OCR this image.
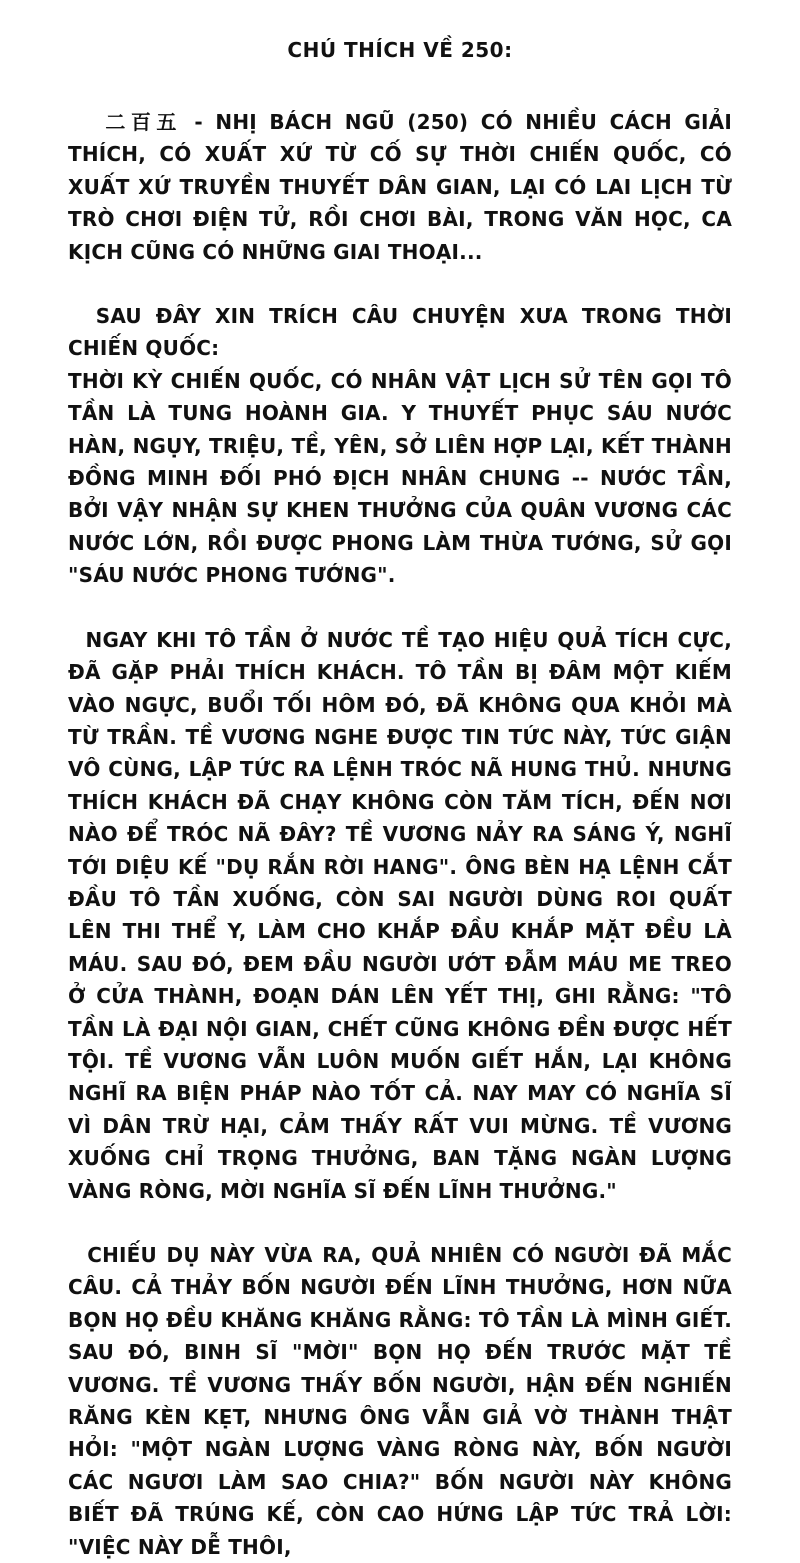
CHÚ THÍCH VỀ 250:

二百五 - NHỊ BÁCH NGŨ (250) CÓ NHIỀU CÁCH GIẢI THÍCH, CÓ XUẤT XỨ TỪ CỐ SỰ THỜI CHIẾN QUỐC, CÓ XUẤT XỨ TRUYỀN THUYẾT DÂN GIAN, LẠI CÓ LAI LỊCH TỪ TRÒ CHƠI ĐIỆN TỬ, RỒI CHƠI BÀI, TRONG VĂN HỌC, CA KỊCH CŨNG CÓ NHỮNG GIAI THOẠI...

SAU ĐÂY XIN TRÍCH CÂU CHUYỆN XƯA TRONG THỜI CHIẾN QUỐC:
THỜI KỲ CHIẾN QUỐC, CÓ NHÂN VẬT LỊCH SỬ TÊN GỌI TÔ TẦN LÀ TUNG HOÀNH GIA. Y THUYẾT PHỤC SÁU NƯỚC HÀN, NGỤY, TRIỆU, TỀ, YÊN, SỞ LIÊN HỢP LẠI, KẾT THÀNH ĐỒNG MINH ĐỐI PHÓ ĐỊCH NHÂN CHUNG -- NƯỚC TẦN, BỞI VẬY NHẬN SỰ KHEN THƯỞNG CỦA QUÂN VƯƠNG CÁC NƯỚC LỚN, RỒI ĐƯỢC PHONG LÀM THỪA TƯỚNG, SỬ GỌI "SÁU NƯỚC PHONG TƯỚNG".

NGAY KHI TÔ TẦN Ở NƯỚC TỀ TẠO HIỆU QUẢ TÍCH CỰC, ĐÃ GẶP PHẢI THÍCH KHÁCH. TÔ TẦN BỊ ĐÂM MỘT KIẾM VÀO NGỰC, BUỔI TỐI HÔM ĐÓ, ĐÃ KHÔNG QUA KHỎI MÀ TỪ TRẦN. TỀ VƯƠNG NGHE ĐƯỢC TIN TỨC NÀY, TỨC GIẬN VÔ CÙNG, LẬP TỨC RA LỆNH TRÓC NÃ HUNG THỦ. NHƯNG THÍCH KHÁCH ĐÃ CHẠY KHÔNG CÒN TĂM TÍCH, ĐẾN NƠI NÀO ĐỂ TRÓC NÃ ĐÂY? TỀ VƯƠNG NẢY RA SÁNG Ý, NGHĨ TỚI DIỆU KẾ "DỤ RẮN RỜI HANG". ÔNG BÈN HẠ LỆNH CẮT ĐẦU TÔ TẦN XUỐNG, CÒN SAI NGƯỜI DÙNG ROI QUẤT LÊN THI THỂ Y, LÀM CHO KHẮP ĐẦU KHẮP MẶT ĐỀU LÀ MÁU. SAU ĐÓ, ĐEM ĐẦU NGƯỜI ƯỚT ĐẪM MÁU ME TREO Ở CỬA THÀNH, ĐOẠN DÁN LÊN YẾT THỊ, GHI RẰNG: "TÔ TẦN LÀ ĐẠI NỘI GIAN, CHẾT CŨNG KHÔNG ĐỀN ĐƯỢC HẾT TỘI. TỀ VƯƠNG VẪN LUÔN MUỐN GIẾT HẮN, LẠI KHÔNG NGHĨ RA BIỆN PHÁP NÀO TỐT CẢ. NAY MAY CÓ NGHĨA SĨ VÌ DÂN TRỪ HẠI, CẢM THẤY RẤT VUI MỪNG. TỀ VƯƠNG XUỐNG CHỈ TRỌNG THƯỞNG, BAN TẶNG NGÀN LƯỢNG VÀNG RÒNG, MỜI NGHĨA SĨ ĐẾN LĨNH THƯỞNG."

CHIẾU DỤ NÀY VỪA RA, QUẢ NHIÊN CÓ NGƯỜI ĐÃ MẮC CÂU. CẢ THẢY BỐN NGƯỜI ĐẾN LĨNH THƯỞNG, HƠN NỮA BỌN HỌ ĐỀU KHĂNG KHĂNG RẰNG: TÔ TẦN LÀ MÌNH GIẾT. SAU ĐÓ, BINH SĨ "MỜI" BỌN HỌ ĐẾN TRƯỚC MẶT TỀ VƯƠNG. TỀ VƯƠNG THẤY BỐN NGƯỜI, HẬN ĐẾN NGHIẾN RĂNG KÈN KẸT, NHƯNG ÔNG VẪN GIẢ VỜ THÀNH THẬT HỎI: "MỘT NGÀN LƯỢNG VÀNG RÒNG NÀY, BỐN NGƯỜI CÁC NGƯƠI LÀM SAO CHIA?" BỐN NGƯỜI NÀY KHÔNG BIẾT ĐÃ TRÚNG KẾ, CÒN CAO HỨNG LẬP TỨC TRẢ LỜI: "VIỆC NÀY DỄ THÔI,
